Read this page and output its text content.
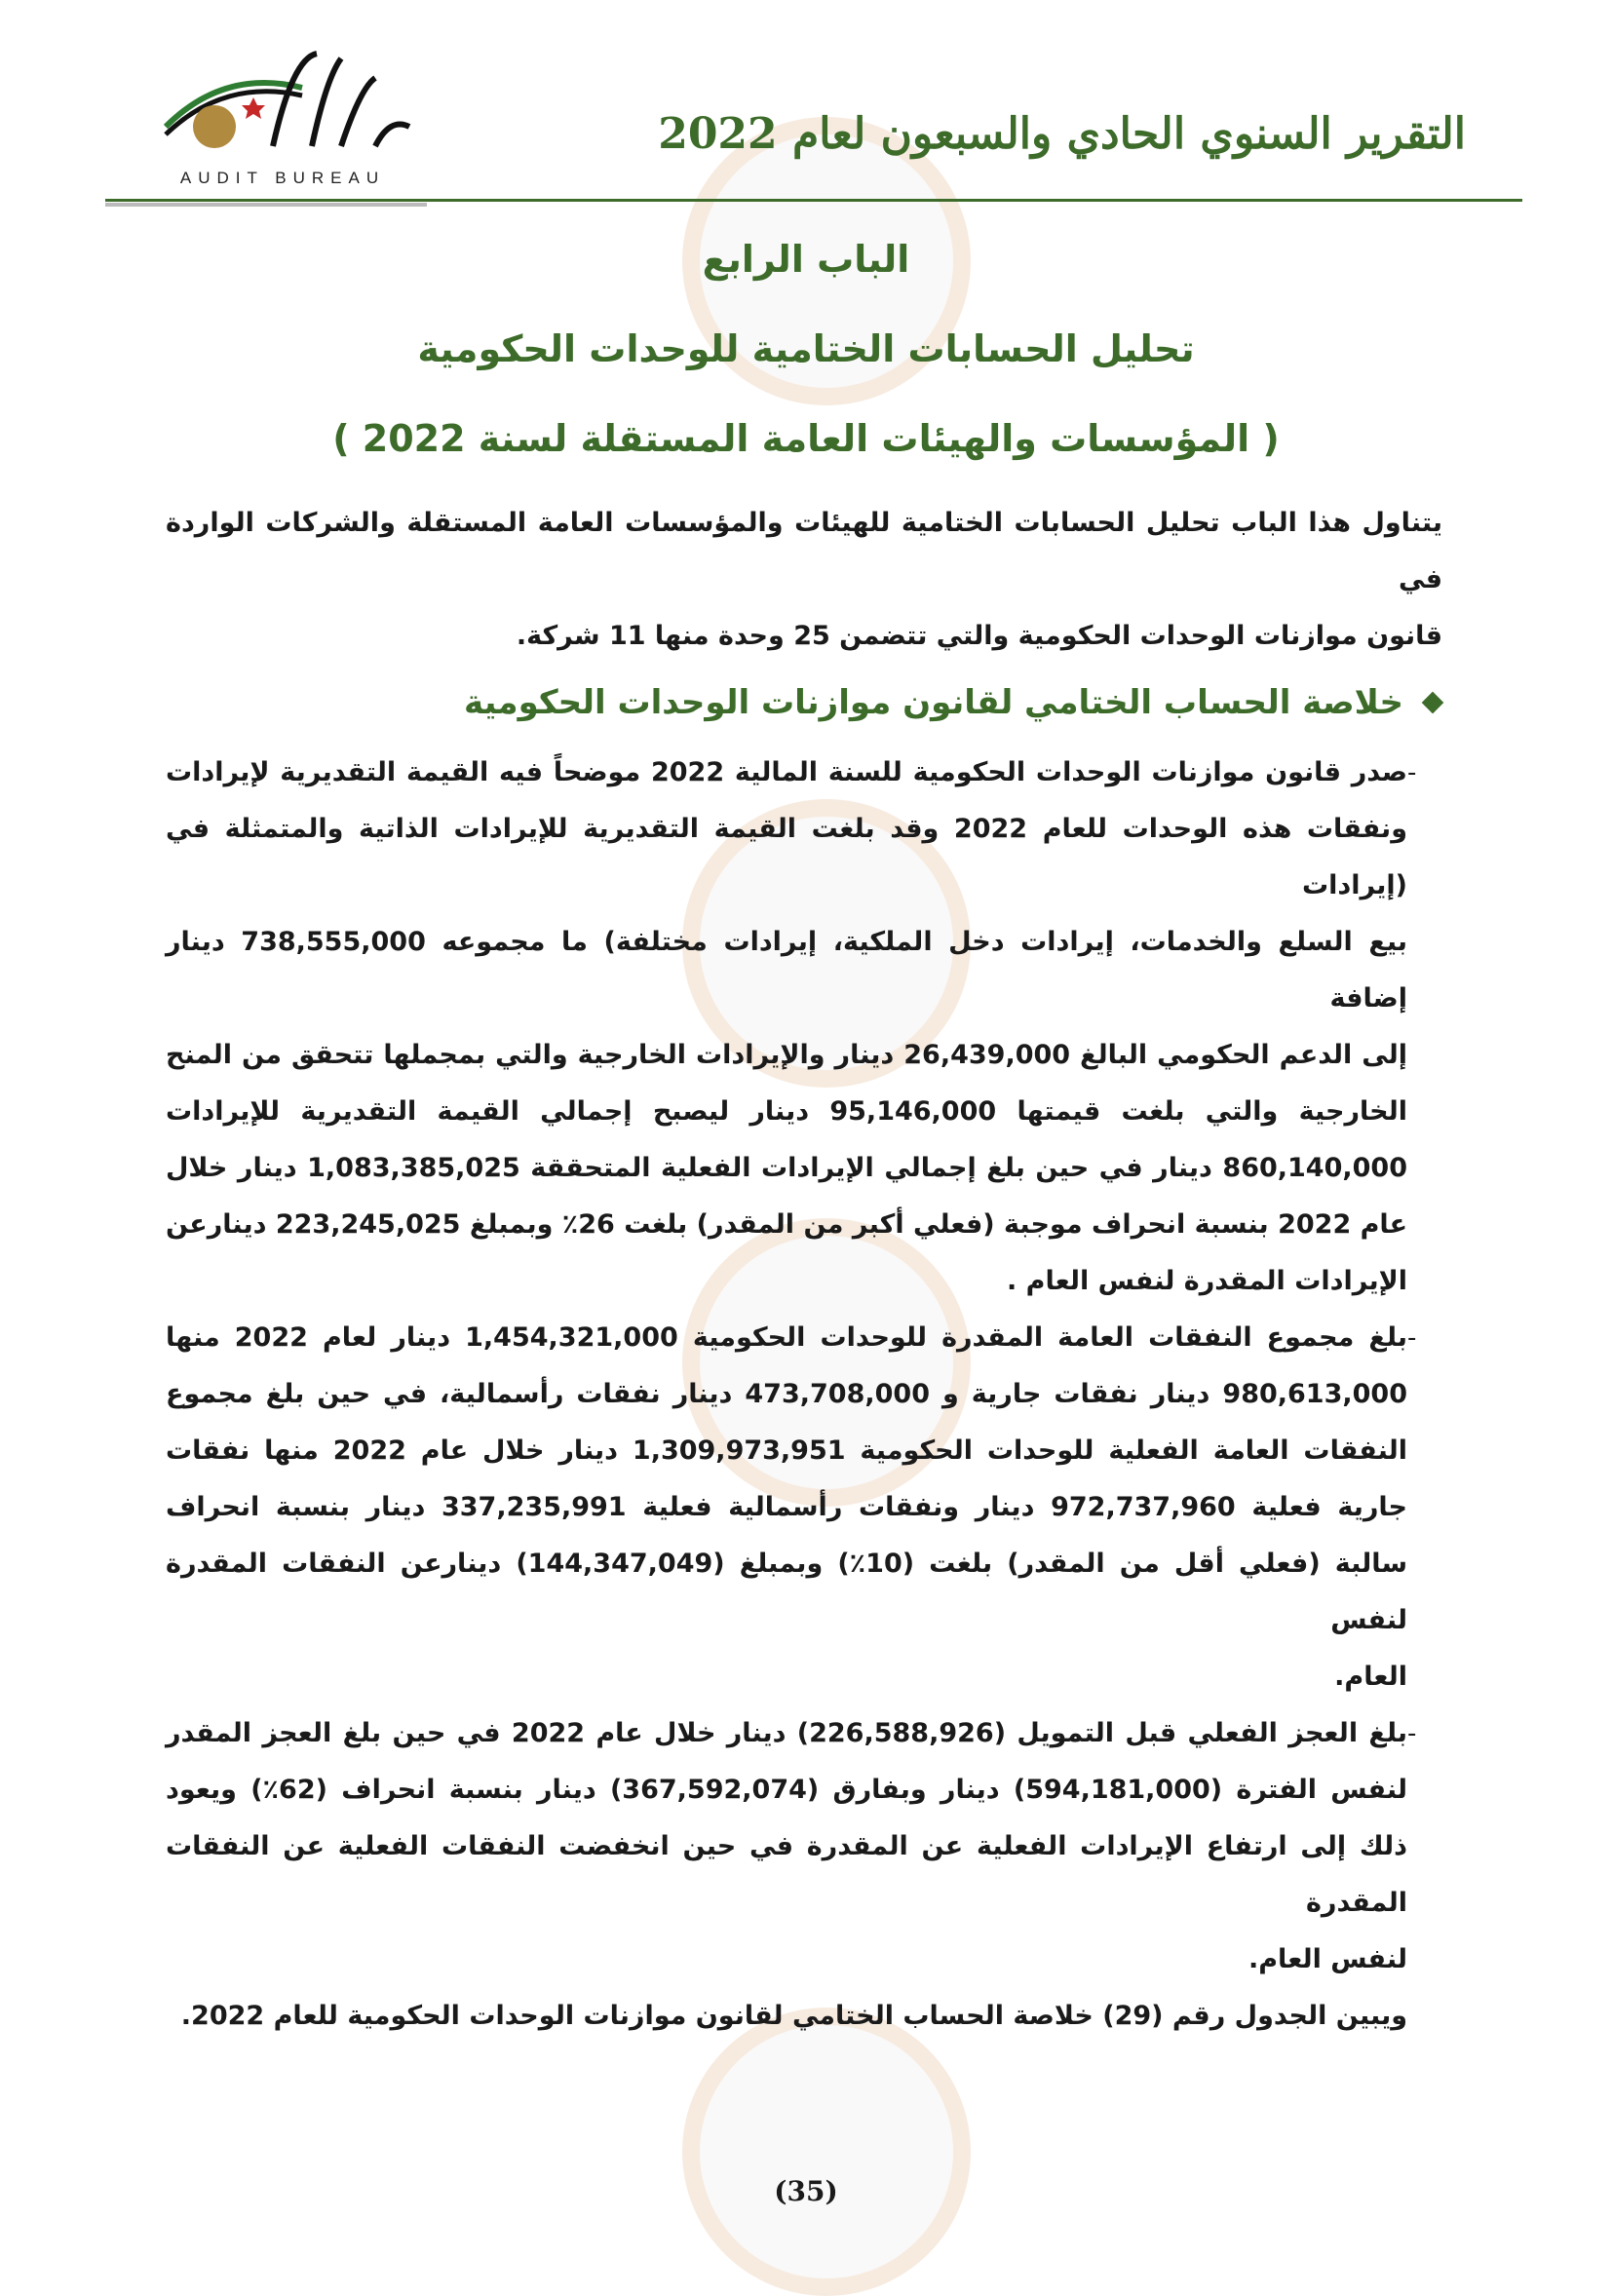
AUDIT BUREAU
التقرير السنوي الحادي والسبعون لعام 2022
الباب الرابع
تحليل الحسابات الختامية للوحدات الحكومية
( المؤسسات والهيئات العامة المستقلة لسنة 2022 )
يتناول هذا الباب تحليل الحسابات الختامية للهيئات والمؤسسات العامة المستقلة والشركات الواردة في
قانون موازنات الوحدات الحكومية والتي تتضمن 25 وحدة منها 11 شركة.
خلاصة الحساب الختامي لقانون موازنات الوحدات الحكومية
-
صدر قانون موازنات الوحدات الحكومية للسنة المالية 2022 موضحاً فيه القيمة التقديرية لإيرادات
ونفقات هذه الوحدات للعام 2022 وقد بلغت القيمة التقديرية للإيرادات الذاتية والمتمثلة في (إيرادات
بيع السلع والخدمات، إيرادات دخل الملكية، إيرادات مختلفة) ما مجموعه 738,555,000 دينار إضافة
إلى الدعم الحكومي البالغ 26,439,000 دينار والإيرادات الخارجية والتي بمجملها تتحقق من المنح
الخارجية والتي بلغت قيمتها 95,146,000 دينار ليصبح إجمالي القيمة التقديرية للإيرادات
860,140,000 دينار في حين بلغ إجمالي الإيرادات الفعلية المتحققة 1,083,385,025 دينار خلال
عام 2022 بنسبة انحراف موجبة (فعلي أكبر من المقدر) بلغت 26٪ وبمبلغ 223,245,025 دينارعن
الإيرادات المقدرة لنفس العام .
-
بلغ مجموع النفقات العامة المقدرة للوحدات الحكومية 1,454,321,000 دينار لعام 2022 منها
980,613,000 دينار نفقات جارية و 473,708,000 دينار نفقات رأسمالية، في حين بلغ مجموع
النفقات العامة الفعلية للوحدات الحكومية 1,309,973,951 دينار خلال عام 2022 منها نفقات
جارية فعلية 972,737,960 دينار ونفقات رأسمالية فعلية 337,235,991 دينار بنسبة انحراف
سالبة (فعلي أقل من المقدر) بلغت (10٪) وبمبلغ (144,347,049) دينارعن النفقات المقدرة لنفس
العام.
-
بلغ العجز الفعلي قبل التمويل (226,588,926) دينار خلال عام 2022 في حين بلغ العجز المقدر
لنفس الفترة (594,181,000) دينار وبفارق (367,592,074) دينار بنسبة انحراف (62٪) ويعود
ذلك إلى ارتفاع الإيرادات الفعلية عن المقدرة في حين انخفضت النفقات الفعلية عن النفقات المقدرة
لنفس العام.
ويبين الجدول رقم (29) خلاصة الحساب الختامي لقانون موازنات الوحدات الحكومية للعام 2022.
(35)
